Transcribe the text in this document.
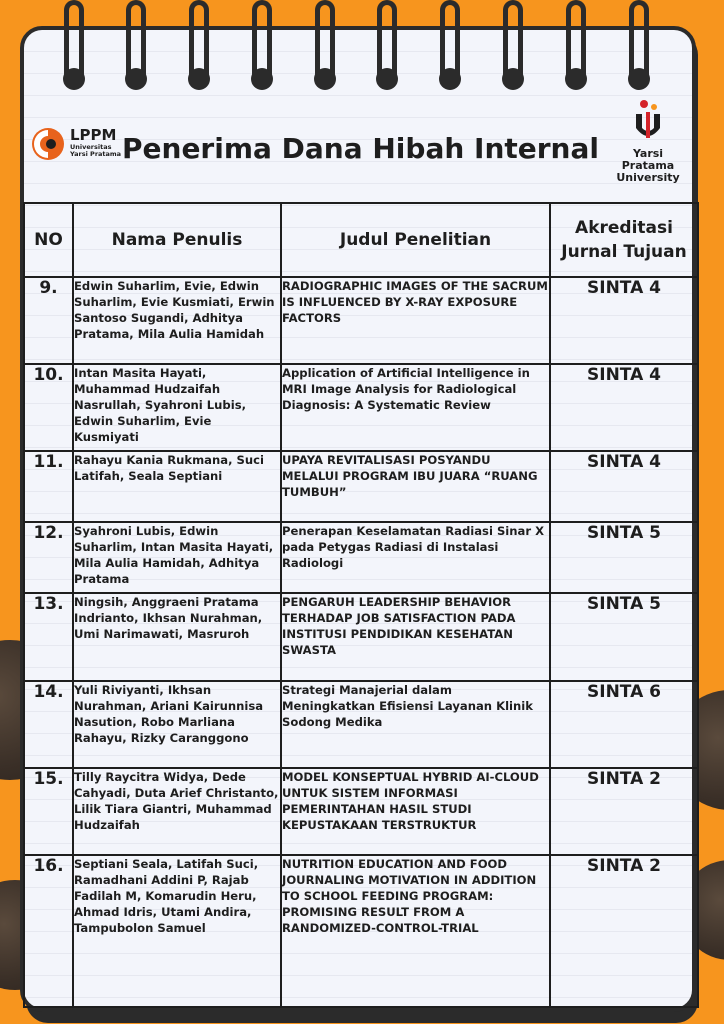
LPPM
Universitas
Yarsi Pratama Penerima Dana Hibah Internal	Yarsi Pratama
University
NO	Nama Penulis	Judul Penelitian	Akreditasi
Jurnal Tujuan

9.	Edwin Suharlim, Evie, Edwin Suharlim, Evie Kusmiati, Erwin Santoso Sugandi, Adhitya Pratama, Mila Aulia Hamidah	RADIOGRAPHIC IMAGES OF THE SACRUM IS INFLUENCED BY X-RAY EXPOSURE FACTORS	SINTA 4
10.	Intan Masita Hayati, Muhammad Hudzaifah Nasrullah, Syahroni Lubis, Edwin Suharlim, Evie Kusmiyati	Application of Artificial Intelligence in MRI Image Analysis for Radiological Diagnosis: A Systematic Review	SINTA 4
11.	Rahayu Kania Rukmana, Suci Latifah, Seala Septiani	UPAYA REVITALISASI POSYANDU MELALUI PROGRAM IBU JUARA “RUANG TUMBUH”	SINTA 4
12.	Syahroni Lubis, Edwin Suharlim, Intan Masita Hayati, Mila Aulia Hamidah, Adhitya Pratama	Penerapan Keselamatan Radiasi Sinar X pada Petygas Radiasi di Instalasi Radiologi	SINTA 5
13.	Ningsih, Anggraeni Pratama Indrianto, Ikhsan Nurahman, Umi Narimawati, Masruroh	PENGARUH LEADERSHIP BEHAVIOR TERHADAP JOB SATISFACTION PADA INSTITUSI PENDIDIKAN KESEHATAN SWASTA	SINTA 5
14.	Yuli Riviyanti, Ikhsan Nurahman, Ariani Kairunnisa Nasution, Robo Marliana Rahayu, Rizky Caranggono	Strategi Manajerial dalam Meningkatkan Efisiensi Layanan Klinik Sodong Medika	SINTA 6
15.	Tilly Raycitra Widya, Dede Cahyadi, Duta Arief Christanto, Lilik Tiara Giantri, Muhammad Hudzaifah	MODEL KONSEPTUAL HYBRID AI-CLOUD UNTUK SISTEM INFORMASI PEMERINTAHAN HASIL STUDI KEPUSTAKAAN TERSTRUKTUR	SINTA 2
16.	Septiani Seala, Latifah Suci, Ramadhani Addini P, Rajab Fadilah M, Komarudin Heru, Ahmad Idris, Utami Andira, Tampubolon Samuel	NUTRITION EDUCATION AND FOOD JOURNALING MOTIVATION IN ADDITION TO SCHOOL FEEDING PROGRAM: PROMISING RESULT FROM A RANDOMIZED-CONTROL-TRIAL	SINTA 2
